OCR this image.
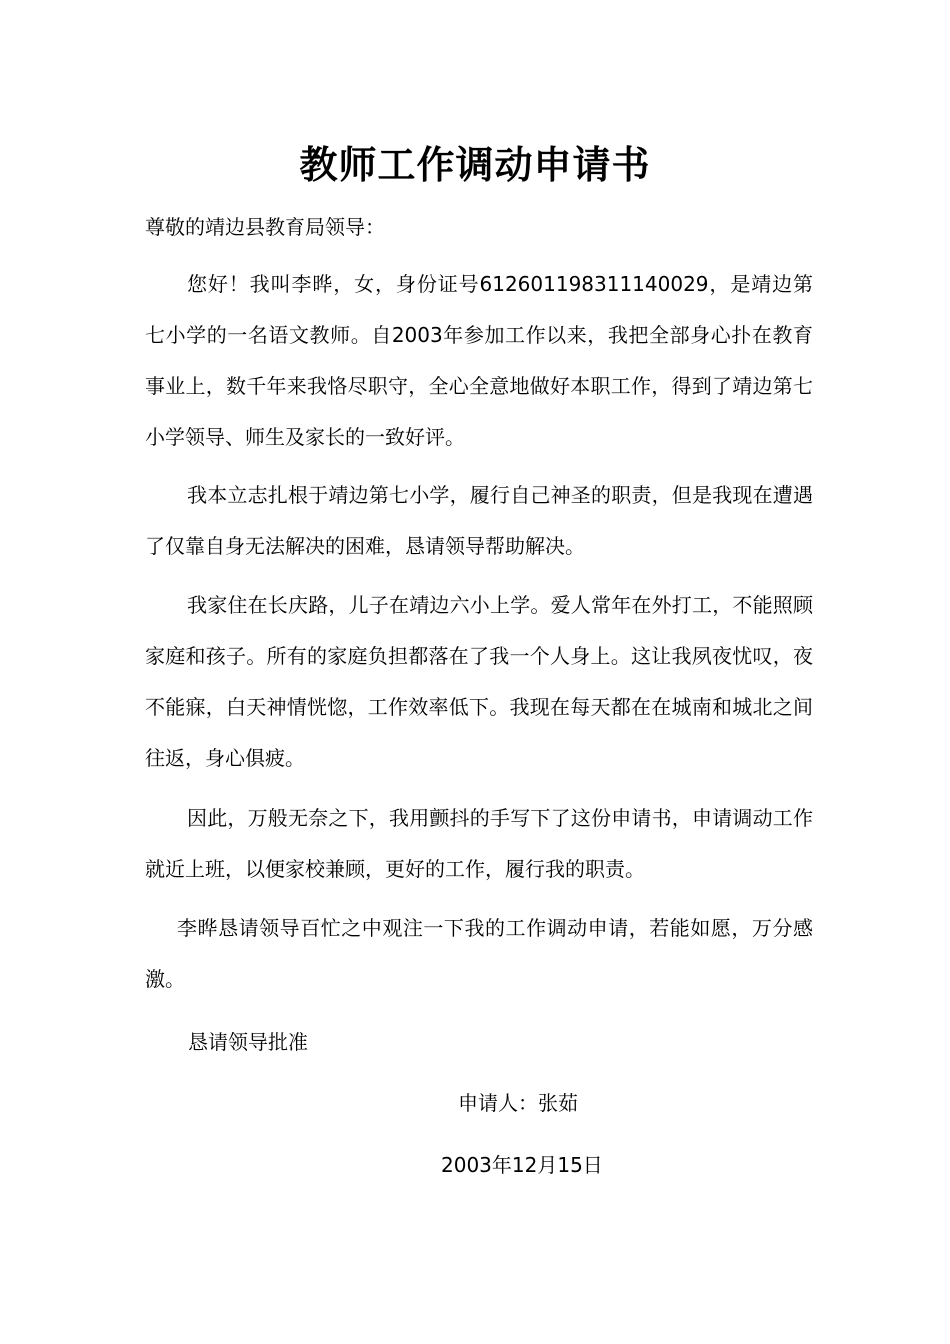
教师工作调动申请书
尊敬的靖边县教育局领导：

您好！我叫李晔，女，身份证号612601198311140029，是靖边第七小学的一名语文教师。自2003年参加工作以来，我把全部身心扑在教育事业上，数千年来我恪尽职守，全心全意地做好本职工作，得到了靖边第七小学领导、师生及家长的一致好评。

我本立志扎根于靖边第七小学，履行自己神圣的职责，但是我现在遭遇了仅靠自身无法解决的困难，恳请领导帮助解决。

我家住在长庆路，儿子在靖边六小上学。爱人常年在外打工，不能照顾家庭和孩子。所有的家庭负担都落在了我一个人身上。这让我夙夜忧叹，夜不能寐，白天神情恍惚，工作效率低下。我现在每天都在在城南和城北之间往返，身心俱疲。

因此，万般无奈之下，我用颤抖的手写下了这份申请书，申请调动工作就近上班，以便家校兼顾，更好的工作，履行我的职责。

李晔恳请领导百忙之中观注一下我的工作调动申请，若能如愿，万分感激。

恳请领导批准
申请人：张茹
2003年12月15日
